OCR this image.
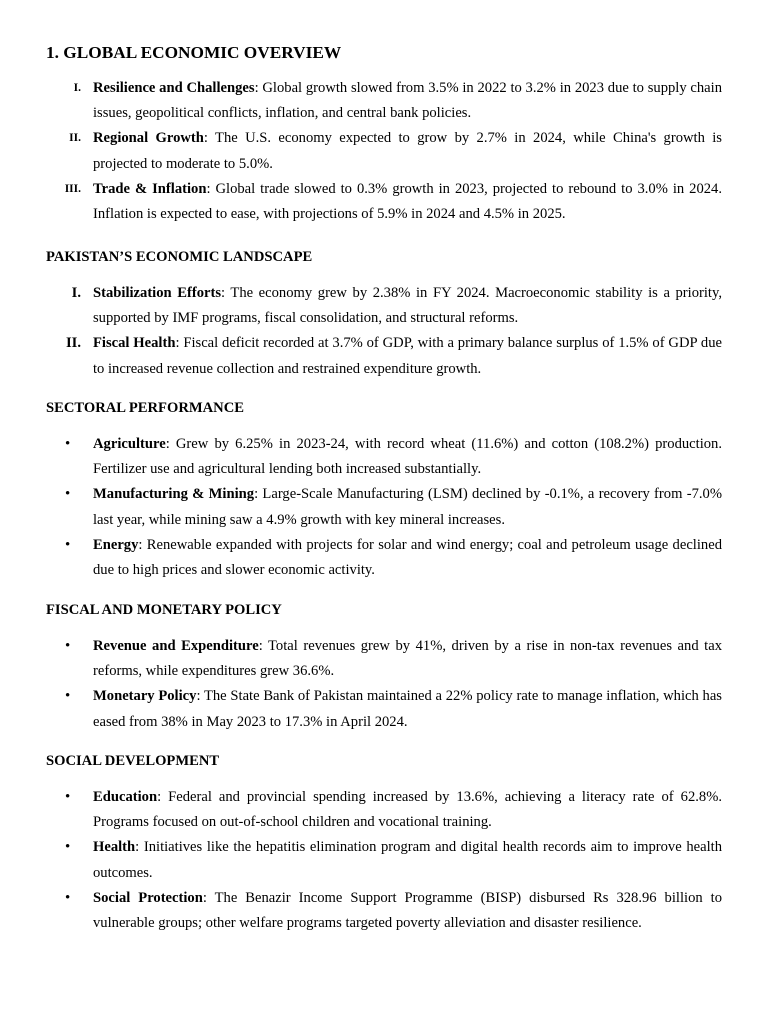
1. GLOBAL ECONOMIC OVERVIEW
I. Resilience and Challenges: Global growth slowed from 3.5% in 2022 to 3.2% in 2023 due to supply chain issues, geopolitical conflicts, inflation, and central bank policies.
II. Regional Growth: The U.S. economy expected to grow by 2.7% in 2024, while China's growth is projected to moderate to 5.0%.
III. Trade & Inflation: Global trade slowed to 0.3% growth in 2023, projected to rebound to 3.0% in 2024. Inflation is expected to ease, with projections of 5.9% in 2024 and 4.5% in 2025.
PAKISTAN’S ECONOMIC LANDSCAPE
I. Stabilization Efforts: The economy grew by 2.38% in FY 2024. Macroeconomic stability is a priority, supported by IMF programs, fiscal consolidation, and structural reforms.
II. Fiscal Health: Fiscal deficit recorded at 3.7% of GDP, with a primary balance surplus of 1.5% of GDP due to increased revenue collection and restrained expenditure growth.
SECTORAL PERFORMANCE
• Agriculture: Grew by 6.25% in 2023-24, with record wheat (11.6%) and cotton (108.2%) production. Fertilizer use and agricultural lending both increased substantially.
• Manufacturing & Mining: Large-Scale Manufacturing (LSM) declined by -0.1%, a recovery from -7.0% last year, while mining saw a 4.9% growth with key mineral increases.
• Energy: Renewable expanded with projects for solar and wind energy; coal and petroleum usage declined due to high prices and slower economic activity.
FISCAL AND MONETARY POLICY
• Revenue and Expenditure: Total revenues grew by 41%, driven by a rise in non-tax revenues and tax reforms, while expenditures grew 36.6%.
• Monetary Policy: The State Bank of Pakistan maintained a 22% policy rate to manage inflation, which has eased from 38% in May 2023 to 17.3% in April 2024.
SOCIAL DEVELOPMENT
• Education: Federal and provincial spending increased by 13.6%, achieving a literacy rate of 62.8%. Programs focused on out-of-school children and vocational training.
• Health: Initiatives like the hepatitis elimination program and digital health records aim to improve health outcomes.
• Social Protection: The Benazir Income Support Programme (BISP) disbursed Rs 328.96 billion to vulnerable groups; other welfare programs targeted poverty alleviation and disaster resilience.
